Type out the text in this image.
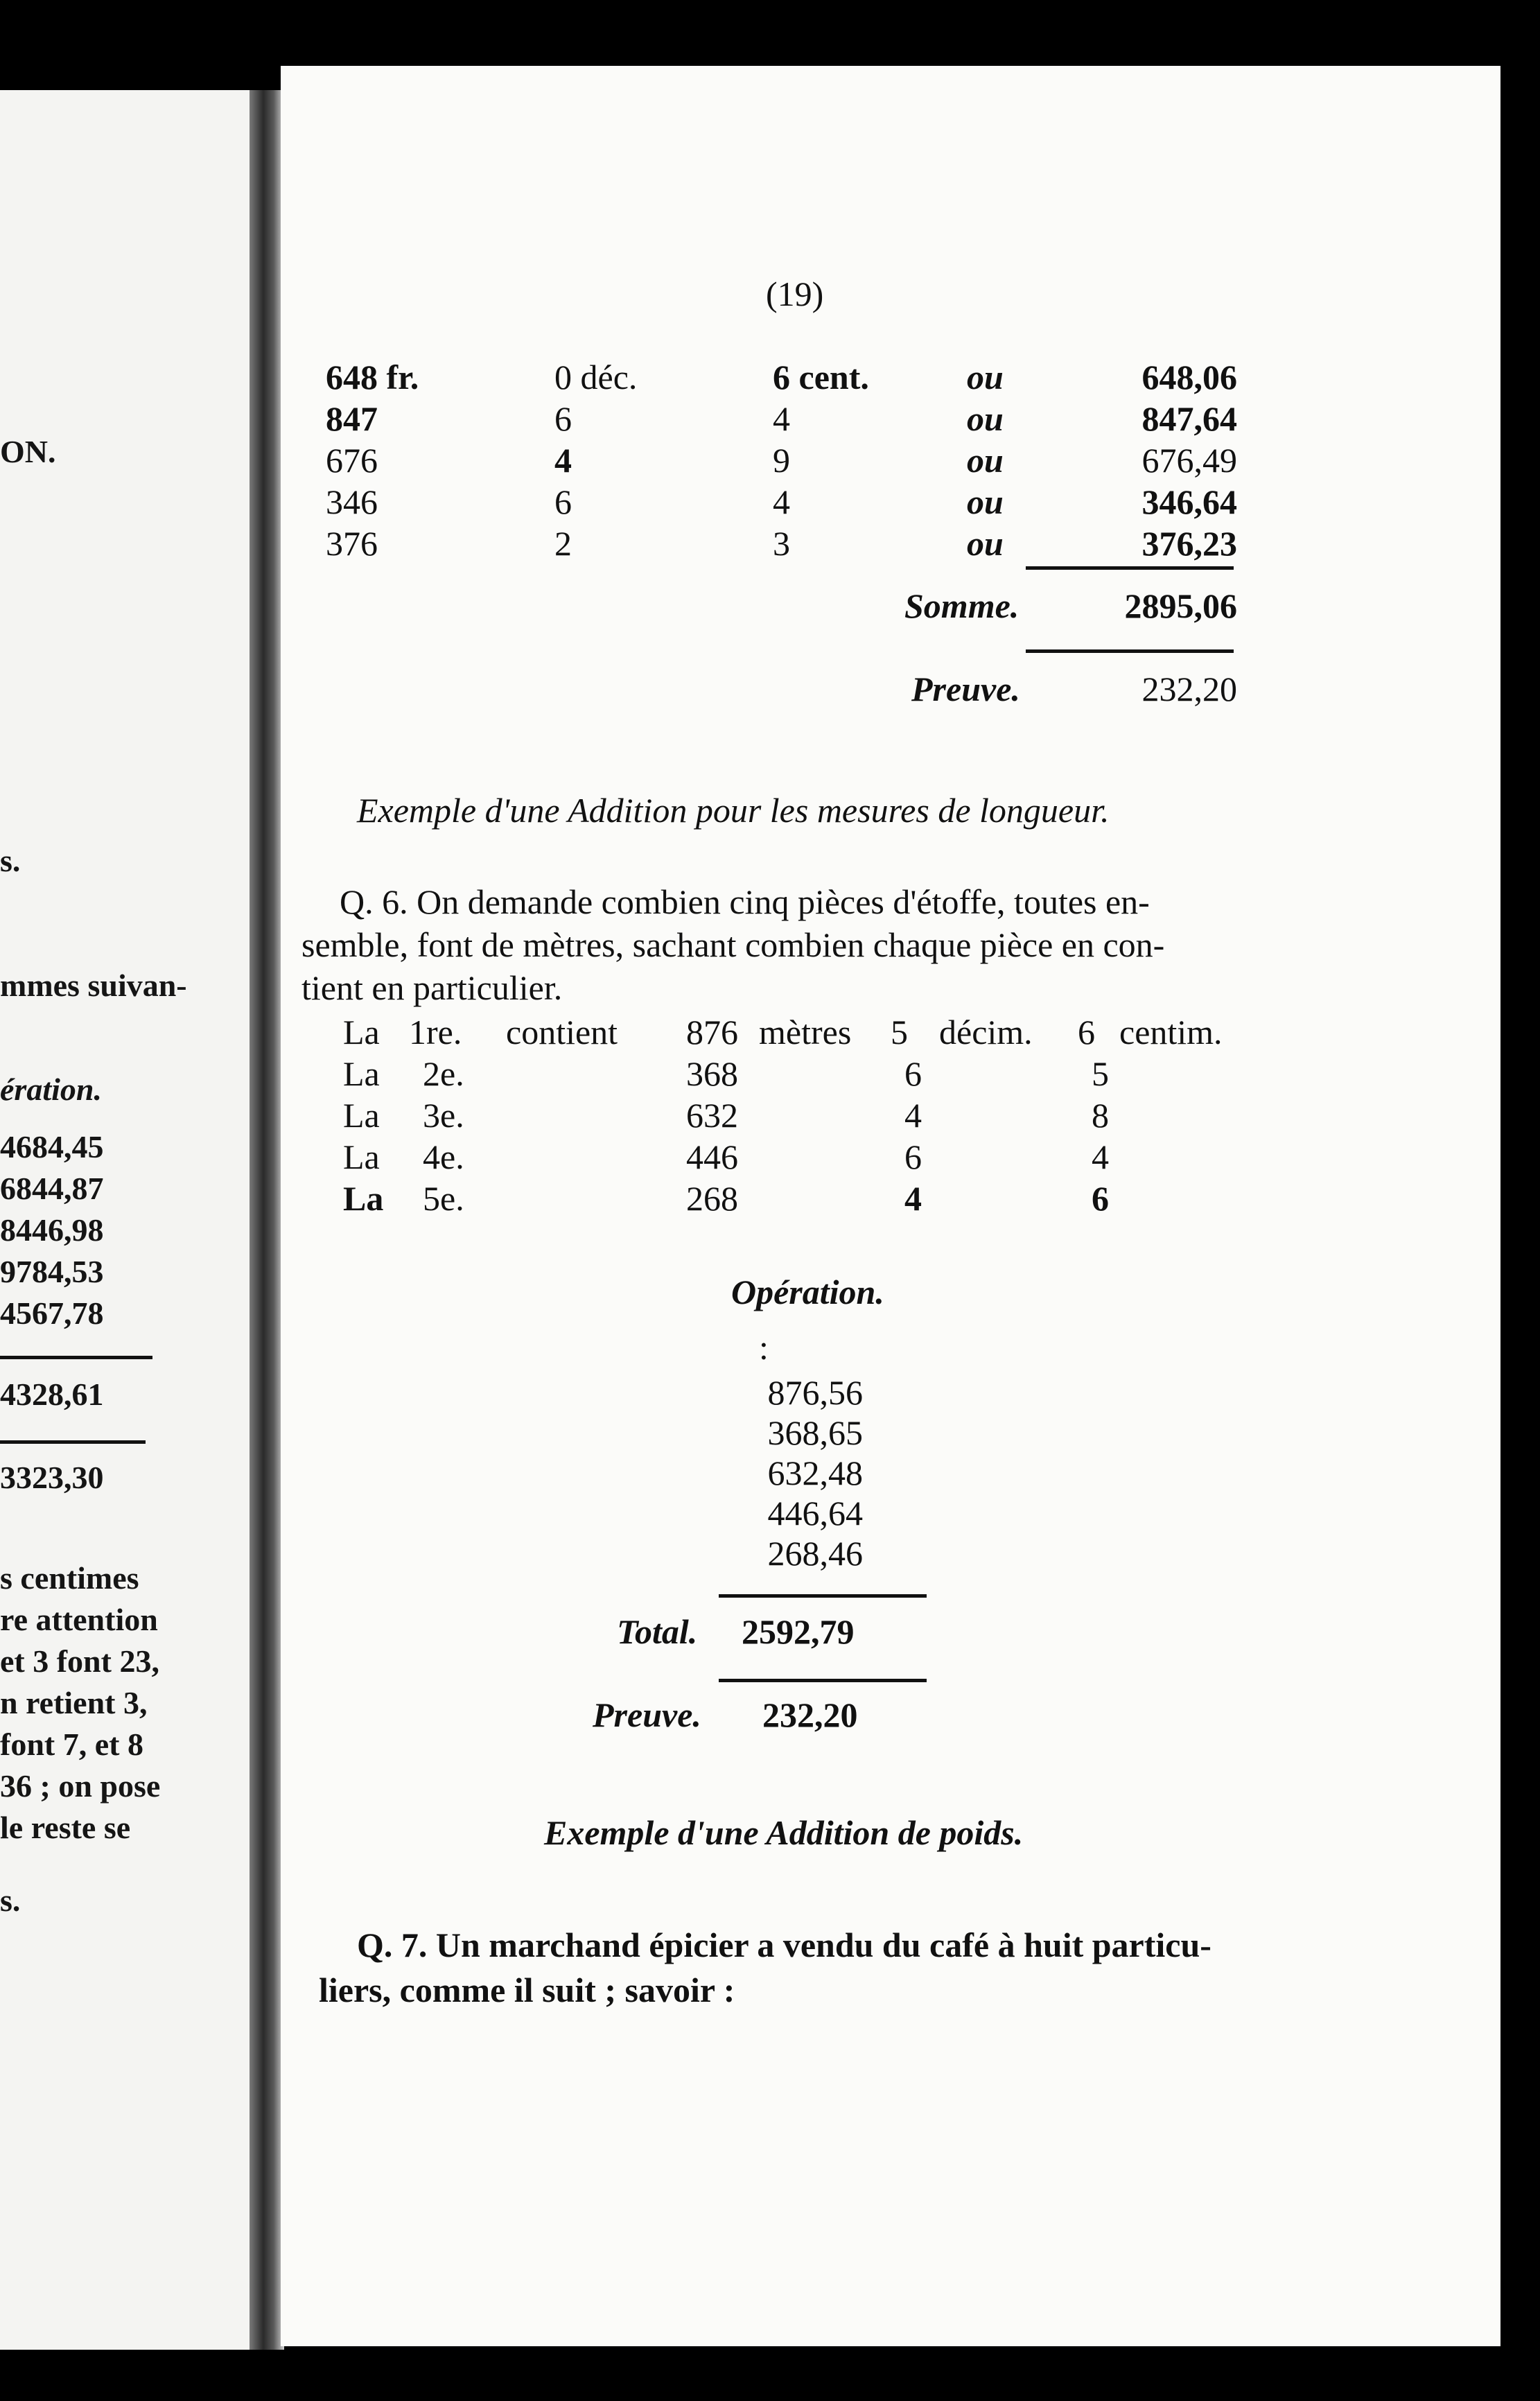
ON.
s.
mmes suivan-
ération.
4684,45
6844,87
8446,98
9784,53
4567,78
4328,61
3323,30
s centimes
re attention
et 3 font 23,
n retient 3,
font 7, et 8
36 ; on pose
le reste se
s.
(19)
648 fr.	0 déc.	6 cent.	ou	648,06
847	6	4	ou	847,64
676	4	9	ou	676,49
346	6	4	ou	346,64
376	2	3	ou	376,23
Somme.	2895,06
Preuve.	232,20
Exemple d'une Addition pour les mesures de longueur.
Q. 6. On demande combien cinq pièces d'étoffe, toutes en-
semble, font de mètres, sachant combien chaque pièce en con-
tient en particulier.
La 1re. contient	876 mètres 5 décim. 6 centim.
La 2e.	368	6	5
La 3e.	632	4	8
La 4e.	446	6	4
La 5e.	268	4	6
Opération.
:
876,56
368,65
632,48
446,64
268,46
Total. 2592,79
Preuve. 232,20
Exemple d'une Addition de poids.
Q. 7. Un marchand épicier a vendu du café à huit particu-
liers, comme il suit ; savoir :
